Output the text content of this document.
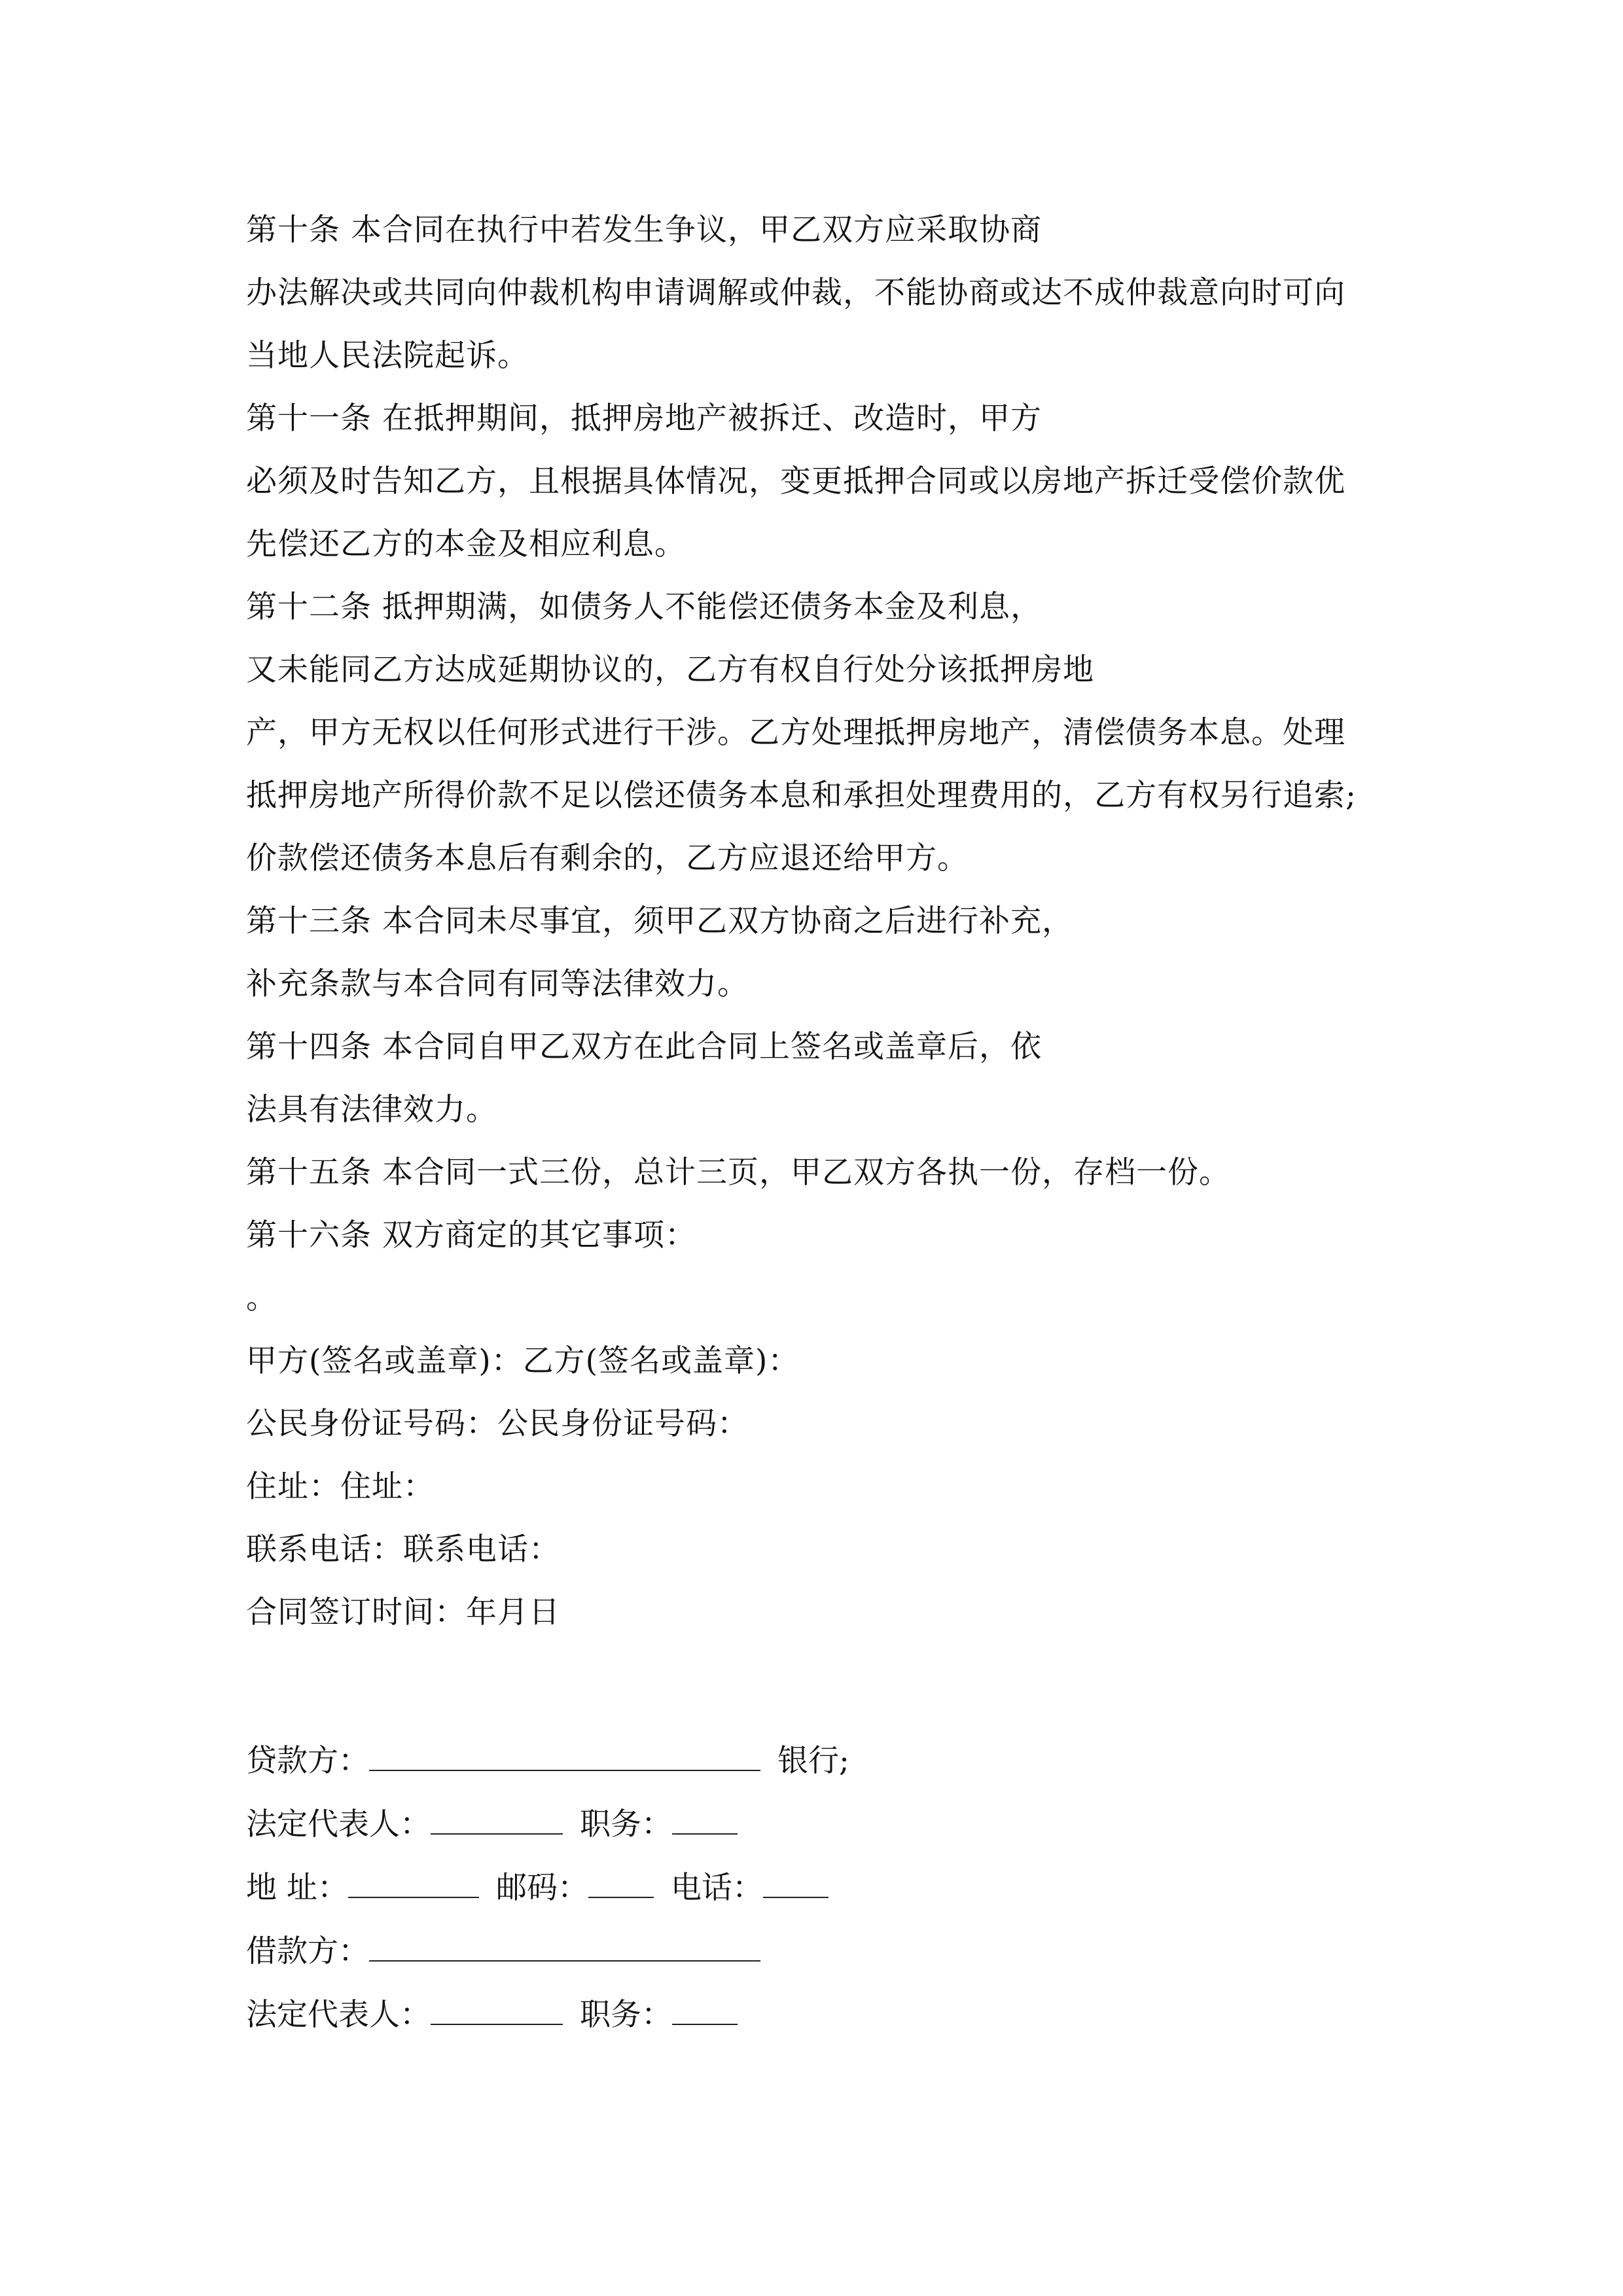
第十条 本合同在执行中若发生争议，甲乙双方应采取协商
办法解决或共同向仲裁机构申请调解或仲裁，不能协商或达不成仲裁意向时可向
当地人民法院起诉。
第十一条 在抵押期间，抵押房地产被拆迁、改造时，甲方
必须及时告知乙方，且根据具体情况，变更抵押合同或以房地产拆迁受偿价款优
先偿还乙方的本金及相应利息。
第十二条 抵押期满，如债务人不能偿还债务本金及利息，
又未能同乙方达成延期协议的，乙方有权自行处分该抵押房地
产，甲方无权以任何形式进行干涉。乙方处理抵押房地产，清偿债务本息。处理
抵押房地产所得价款不足以偿还债务本息和承担处理费用的，乙方有权另行追索;
价款偿还债务本息后有剩余的，乙方应退还给甲方。
第十三条 本合同未尽事宜，须甲乙双方协商之后进行补充，
补充条款与本合同有同等法律效力。
第十四条 本合同自甲乙双方在此合同上签名或盖章后，依
法具有法律效力。
第十五条 本合同一式三份，总计三页，甲乙双方各执一份，存档一份。
第十六条 双方商定的其它事项：
。
甲方(签名或盖章)：乙方(签名或盖章)：
公民身份证号码：公民身份证号码：
住址：住址：
联系电话：联系电话：
合同签订时间：年月日
贷款方：	银行;
法定代表人：	职务：
地 址：	邮码：	电话：
借款方：
法定代表人：	职务：
